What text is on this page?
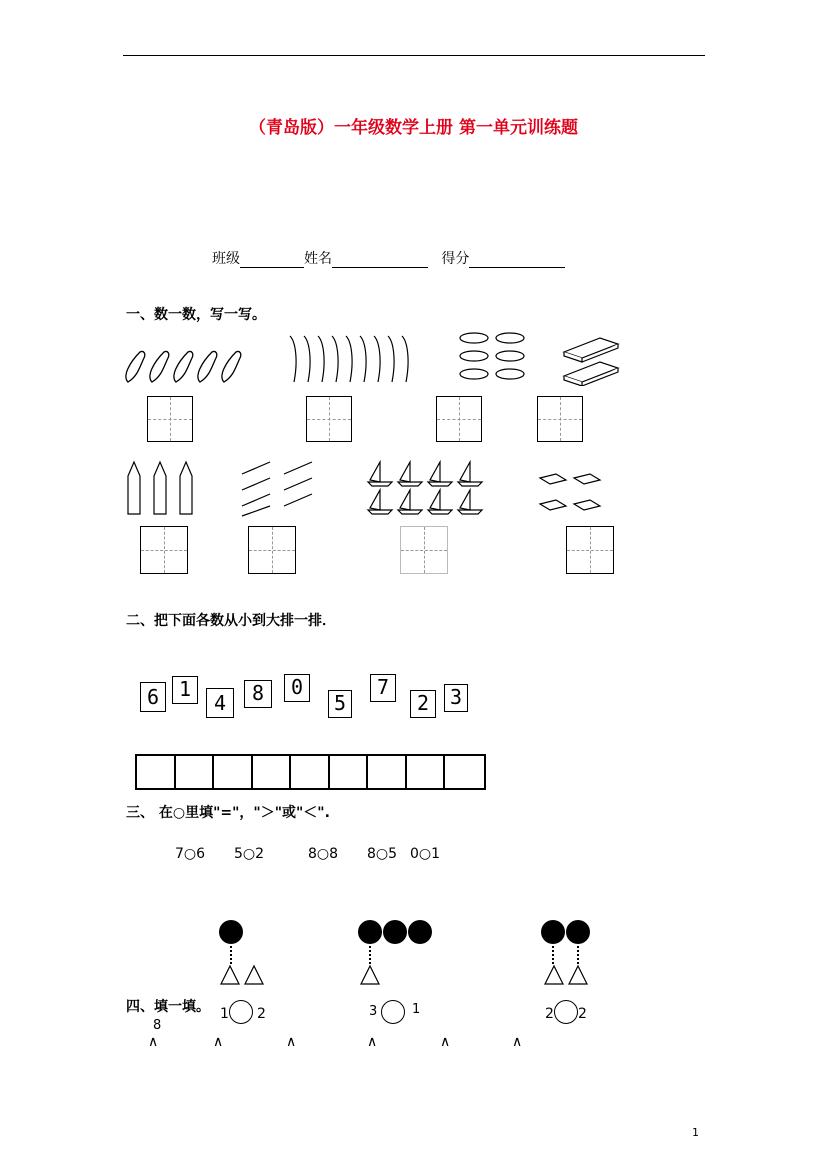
（青岛版）一年级数学上册 第一单元训练题
班级	姓名	得分
一、数一数，写一写。
二、把下面各数从小到大排一排．
6 1
4	8	0
5
7
2	3
三、 在○里填"="，"＞"或"＜".
7○6 5○2	8○8 8○5 0○1
四、填一填。 1 2	3	1	2 2
8
∧	∧	∧	∧	∧	∧
1
